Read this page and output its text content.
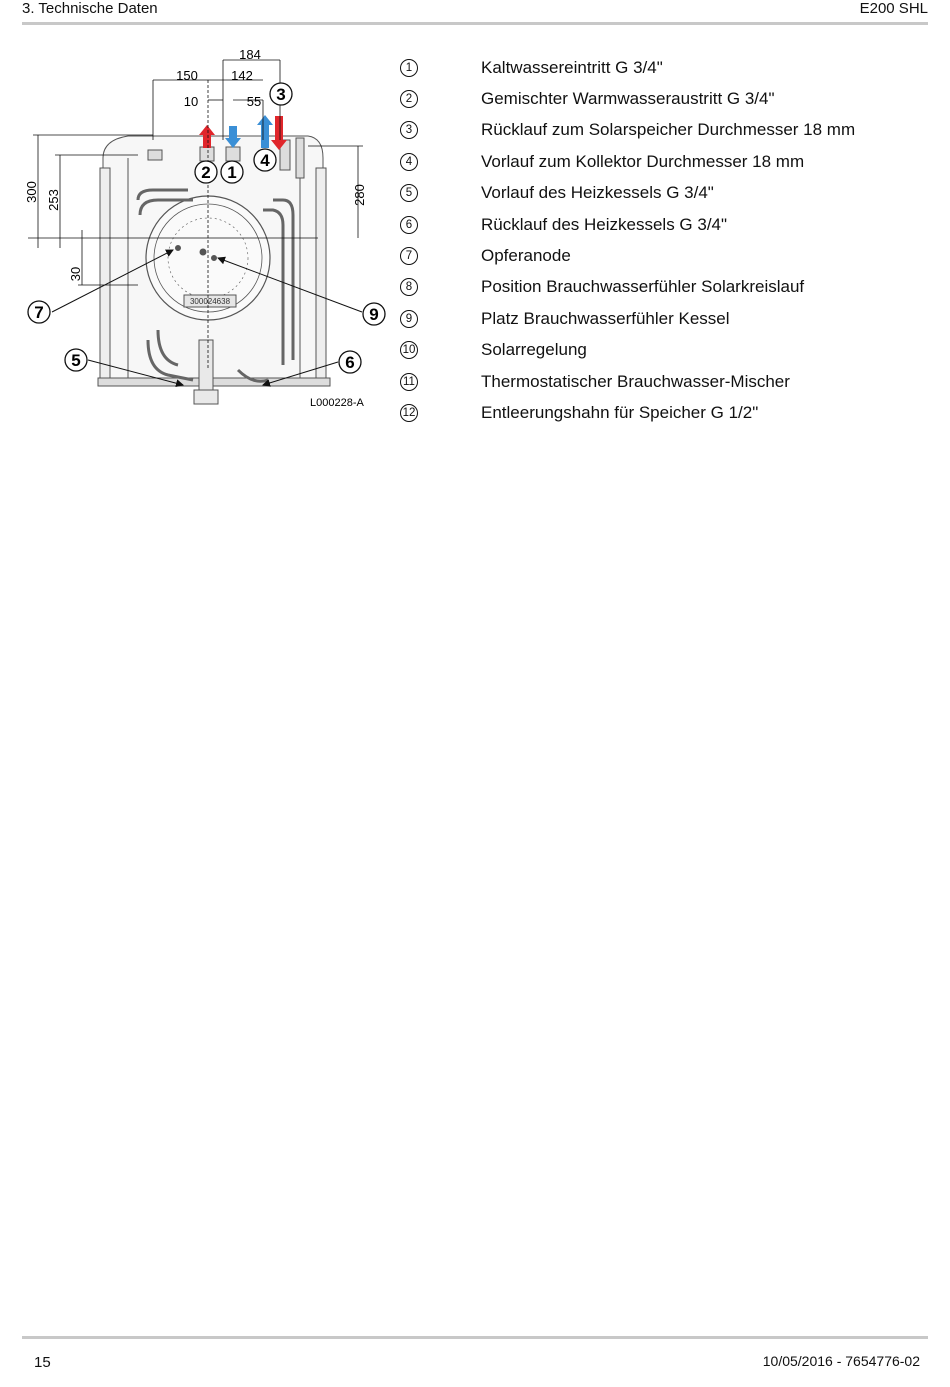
3. Technische Daten	E200 SHL
300024638
184
150	142
10	55
300 253
30
280
2 1
3
4
5	6
7	9
L000228-A
1	Kaltwassereintritt G 3/4"
2	Gemischter Warmwasseraustritt G 3/4"
3	Rücklauf zum Solarspeicher Durchmesser 18 mm
4	Vorlauf zum Kollektor Durchmesser 18 mm
5	Vorlauf des Heizkessels G 3/4"
6	Rücklauf des Heizkessels G 3/4"
7	Opferanode
8	Position Brauchwasserfühler Solarkreislauf
9	Platz Brauchwasserfühler Kessel
10	Solarregelung
11	Thermostatischer Brauchwasser-Mischer
12	Entleerungshahn für Speicher G 1/2"
15	10/05/2016 - 7654776-02
